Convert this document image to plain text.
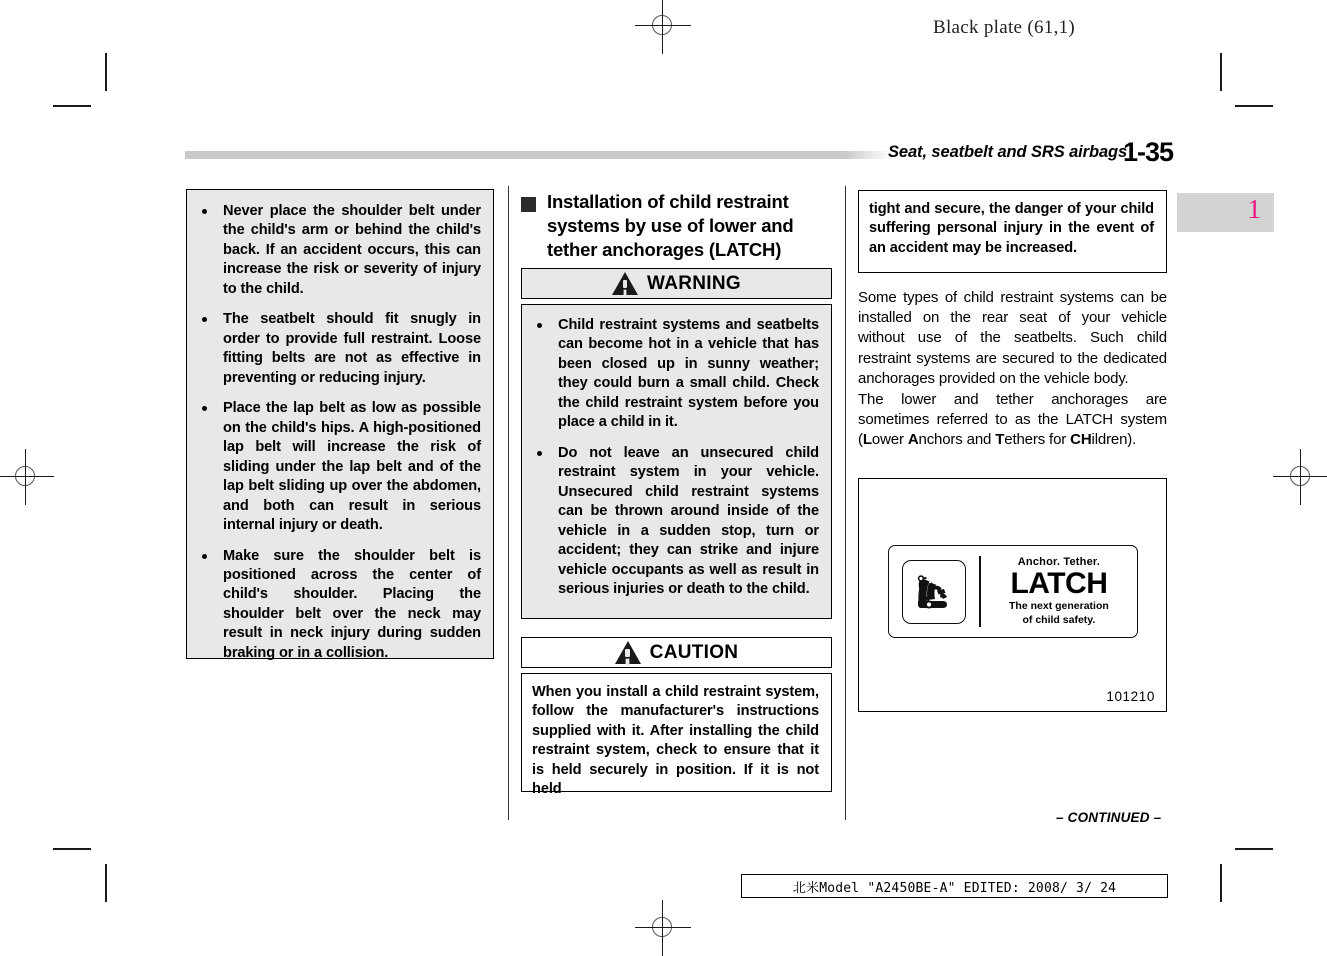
Black plate (61,1)
Seat, seatbelt and SRS airbags
1-35
1
Never place the shoulder belt under the child's arm or behind the child's back. If an accident occurs, this can increase the risk or severity of injury to the child.
The seatbelt should fit snugly in order to provide full restraint. Loose fitting belts are not as effective in preventing or reducing injury.
Place the lap belt as low as possible on the child's hips. A high-positioned lap belt will increase the risk of sliding under the lap belt and of the lap belt sliding up over the abdomen, and both can result in serious internal injury or death.
Make sure the shoulder belt is positioned across the center of child's shoulder. Placing the shoulder belt over the neck may result in neck injury during sudden braking or in a collision.
Installation of child restraint systems by use of lower and tether anchorages (LATCH)
WARNING
Child restraint systems and seatbelts can become hot in a vehicle that has been closed up in sunny weather; they could burn a small child. Check the child restraint system before you place a child in it.
Do not leave an unsecured child restraint system in your vehicle. Unsecured child restraint systems can be thrown around inside of the vehicle in a sudden stop, turn or accident; they can strike and injure vehicle occupants as well as result in serious injuries or death to the child.
CAUTION
When you install a child restraint system, follow the manufacturer's instructions supplied with it. After installing the child restraint system, check to ensure that it is held securely in position. If it is not held
tight and secure, the danger of your child suffering personal injury in the event of an accident may be increased.

Some types of child restraint systems can be installed on the rear seat of your vehicle without use of the seatbelts. Such child restraint systems are secured to the dedicated anchorages provided on the vehicle body.

The lower and tether anchorages are sometimes referred to as the LATCH system (Lower Anchors and Tethers for CHildren).

Anchor. Tether.
LATCH
The next generation
of child safety.
101210
– CONTINUED –
北米Model "A2450BE-A" EDITED: 2008/ 3/ 24
